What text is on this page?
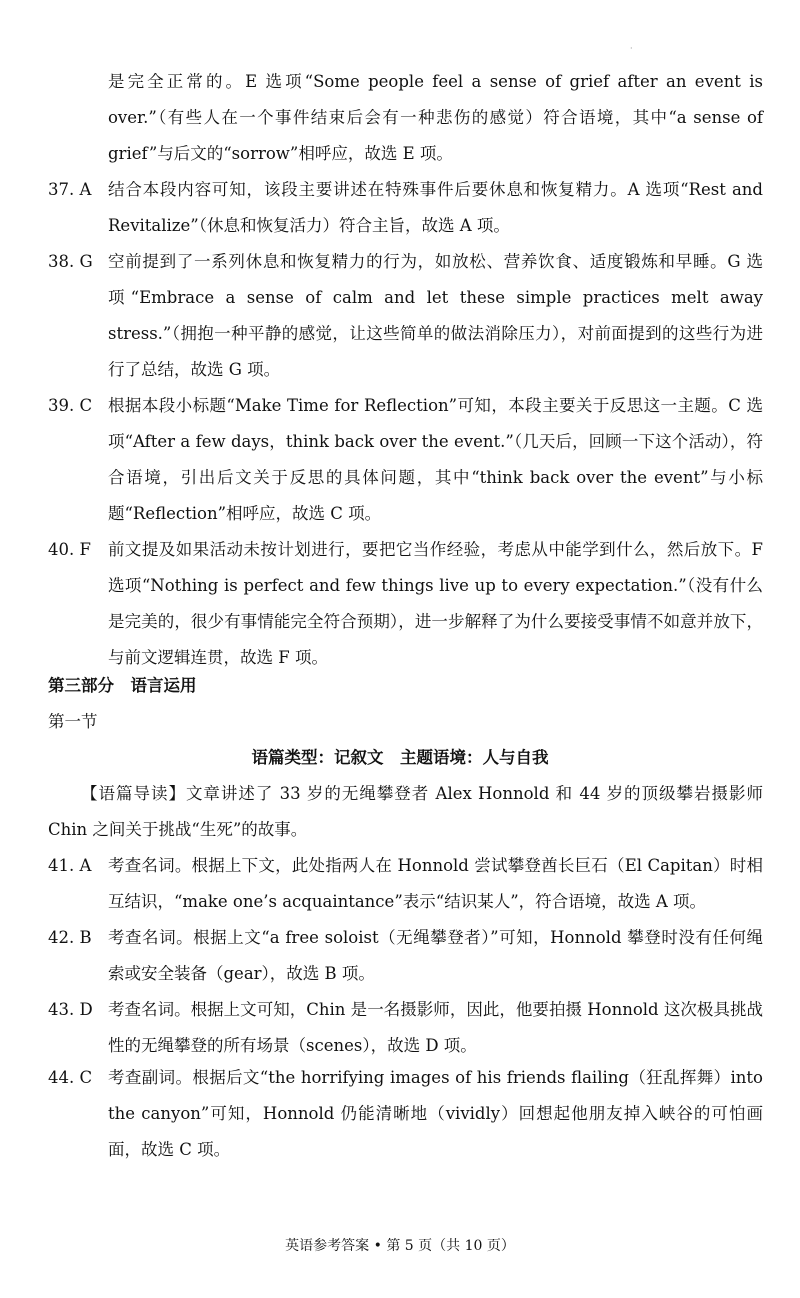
·
是完全正常的。E 选项“Some people feel a sense of grief after an event is over.”（有些人在一个事件结束后会有一种悲伤的感觉）符合语境，其中“a sense of grief”与后文的“sorrow”相呼应，故选 E 项。
37. A	结合本段内容可知，该段主要讲述在特殊事件后要休息和恢复精力。A 选项“Rest and Revitalize”（休息和恢复活力）符合主旨，故选 A 项。
38. G 空前提到了一系列休息和恢复精力的行为，如放松、营养饮食、适度锻炼和早睡。G 选项“Embrace a sense of calm and let these simple practices melt away stress.”（拥抱一种平静的感觉，让这些简单的做法消除压力），对前面提到的这些行为进行了总结，故选 G 项。
39. C 根据本段小标题“Make Time for Reflection”可知，本段主要关于反思这一主题。C 选项“After a few days，think back over the event.”（几天后，回顾一下这个活动），符合语境，引出后文关于反思的具体问题，其中“think back over the event”与小标题“Reflection”相呼应，故选 C 项。
40. F	前文提及如果活动未按计划进行，要把它当作经验，考虑从中能学到什么，然后放下。F 选项“Nothing is perfect and few things live up to every expectation.”（没有什么是完美的，很少有事情能完全符合预期），进一步解释了为什么要接受事情不如意并放下，与前文逻辑连贯，故选 F 项。
第三部分　语言运用
第一节
语篇类型：记叙文　主题语境：人与自我
【语篇导读】文章讲述了 33 岁的无绳攀登者 Alex Honnold 和 44 岁的顶级攀岩摄影师 Chin 之间关于挑战“生死”的故事。
41. A	考查名词。根据上下文，此处指两人在 Honnold 尝试攀登酋长巨石（El Capitan）时相互结识，“make one’s acquaintance”表示“结识某人”，符合语境，故选 A 项。
42. B 考查名词。根据上文“a free soloist（无绳攀登者）”可知，Honnold 攀登时没有任何绳索或安全装备（gear），故选 B 项。
43. D 考查名词。根据上文可知，Chin 是一名摄影师，因此，他要拍摄 Honnold 这次极具挑战性的无绳攀登的所有场景（scenes），故选 D 项。
44. C 考查副词。根据后文“the horrifying images of his friends flailing（狂乱挥舞）into the canyon”可知，Honnold 仍能清晰地（vividly）回想起他朋友掉入峡谷的可怕画面，故选 C 项。
英语参考答案 • 第 5 页（共 10 页）
